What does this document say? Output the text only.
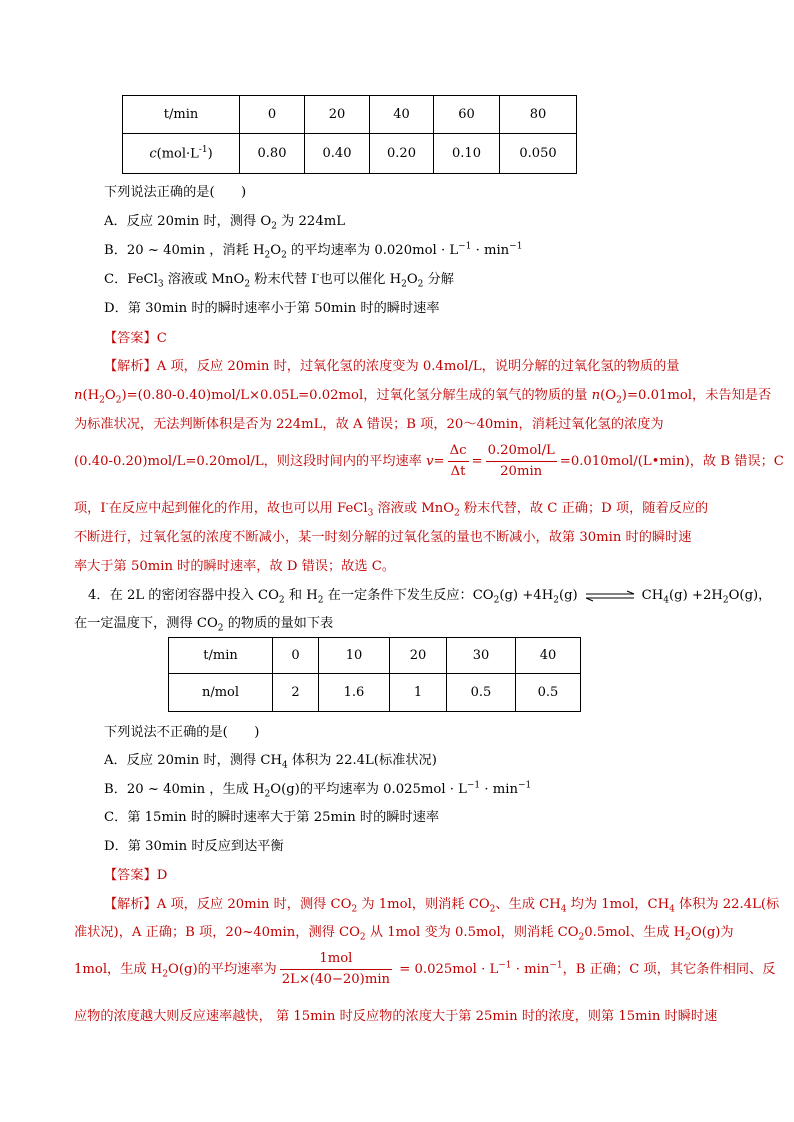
t/min	0	20	40	60	80
$c(mol\cdot L^{-1})$	0.80	0.40	0.20	0.10	0.050
下列说法正确的是(　　)
A．反应 20min 时，测得 $O_2$ 为 224mL
B．20 ~ 40min ，消耗 $H_2O_2$ 的平均速率为 $0.020mol \cdot L^{-1} \cdot \min^{-1}$
C．FeCl$_3$ 溶液或 MnO$_2$ 粉末代替 I-也可以催化 $H_2O_2$ 分解
D．第 30min 时的瞬时速率小于第 50min 时的瞬时速率
【答案】C
【解析】A 项，反应 20min 时，过氧化氢的浓度变为 0.4mol/L，说明分解的过氧化氢的物质的量
$n(H_2O_2)=(0.80-0.40)mol/L\times 0.05L=0.02mol$，过氧化氢分解生成的氧气的物质的量 $n(O_2)=0.01mol$，未告知是否
为标准状况，无法判断体积是否为 224mL，故 A 错误；B 项，20～40min，消耗过氧化氢的浓度为
(0.40-0.20)mol/L=0.20mol/L，则这段时间内的平均速率 $v= \frac{\Delta c}{\Delta t} = \frac{\text{0.20mol/L}}{20\min}$ =0.010mol/(L•min)，故 B 错误；C
项，I-在反应中起到催化的作用，故也可以用 FeCl$_3$ 溶液或 MnO$_2$ 粉末代替，故 C 正确；D 项，随着反应的
不断进行，过氧化氢的浓度不断减小，某一时刻分解的过氧化氢的量也不断减小，故第 30min 时的瞬时速
率大于第 50min 时的瞬时速率，故 D 错误；故选 C。
4．在 2L 的密闭容器中投入 $CO_2$ 和 $H_2$ 在一定条件下发生反应：$CO_2(g) +4H_2(g)$ ⇌ $CH_4(g) +2H_2O(g)$，
在一定温度下，测得 $CO_2$ 的物质的量如下表
t/min	0	10	20	30	40
n/mol	2	1.6	1	0.5	0.5
下列说法不正确的是(　　)
A．反应 20min 时，测得 $CH_4$ 体积为 22.4L(标准状况)
B．20 ~ 40min ，生成 $H_2O(g)$的平均速率为 $0.025mol \cdot L^{-1} \cdot \min^{-1}$
C．第 15min 时的瞬时速率大于第 25min 时的瞬时速率
D．第 30min 时反应到达平衡
【答案】D
【解析】A 项，反应 20min 时，测得 $CO_2$ 为 1mol，则消耗 $CO_2$、生成 $CH_4$ 均为 1mol，$CH_4$ 体积为 22.4L(标
准状况)，A 正确；B 项，20~40min，测得 $CO_2$ 从 1mol 变为 0.5mol，则消耗 $CO_20.5mol$、生成 $H_2O(g)$为
1mol，生成 $H_2O(g)$的平均速率为 $\frac{\text{1mol}}{2L\times(40-20)\min} = 0.025mol \cdot L^{-1} \cdot \min^{-1}$，B 正确；C 项，其它条件相同、反
应物的浓度越大则反应速率越快， 第 15min 时反应物的浓度大于第 25min 时的浓度，则第 15min 时瞬时速
